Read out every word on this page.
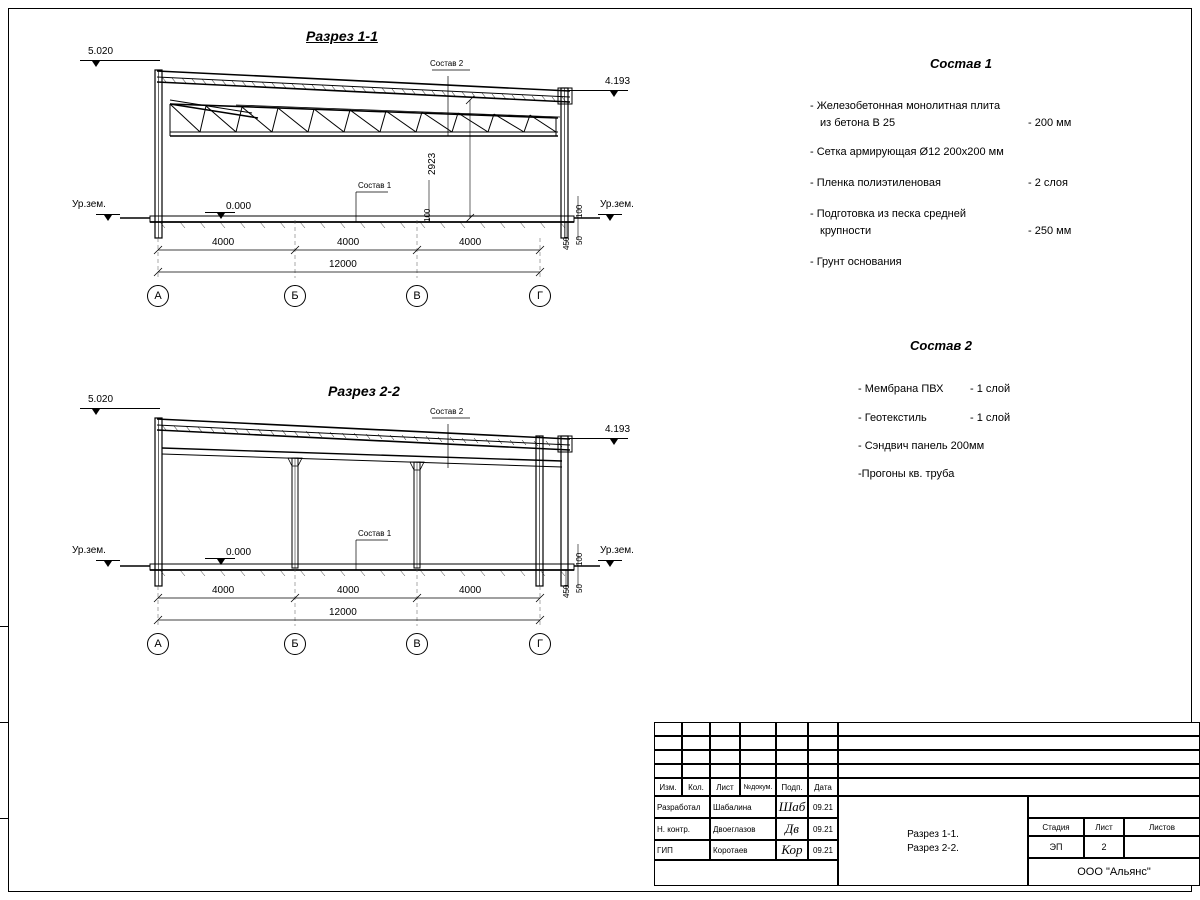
Разрез 1-1
5.020
4.193
0.000
Ур.зем.	Ур.зем.
Состав 2
Состав 1
4000	4000	4000
12000
2923
100
450 50
100
А	Б	В	Г
Разрез 2-2
5.020
4.193
0.000
Ур.зем.	Ур.зем.
Состав 2
Состав 1
4000	4000	4000
12000
100
450 50
А	Б	В	Г
Состав 1
- Железобетонная монолитная плита
из бетона В 25	- 200 мм
- Сетка армирующая Ø12 200х200 мм
- Пленка полиэтиленовая	- 2 слоя
- Подготовка из песка средней
крупности	- 250 мм
- Грунт основания
Состав 2
- Мембрана ПВХ - 1 слой
- Геотекстиль	- 1 слой
- Сэндвич панель 200мм
-Прогоны кв. труба
Изм.	Кол.	Лист	№докум.	Подп.	Дата
Разработал	Шабалина	Шаб 09.21
Н. контр.	Двоеглазов	Дв	09.21
ГИП	Коротаев	Кор	09.21
Разрез 1-1.
Разрез 2-2.
Стадия	Лист	Листов
ЭП	2
ООО "Альянс"
